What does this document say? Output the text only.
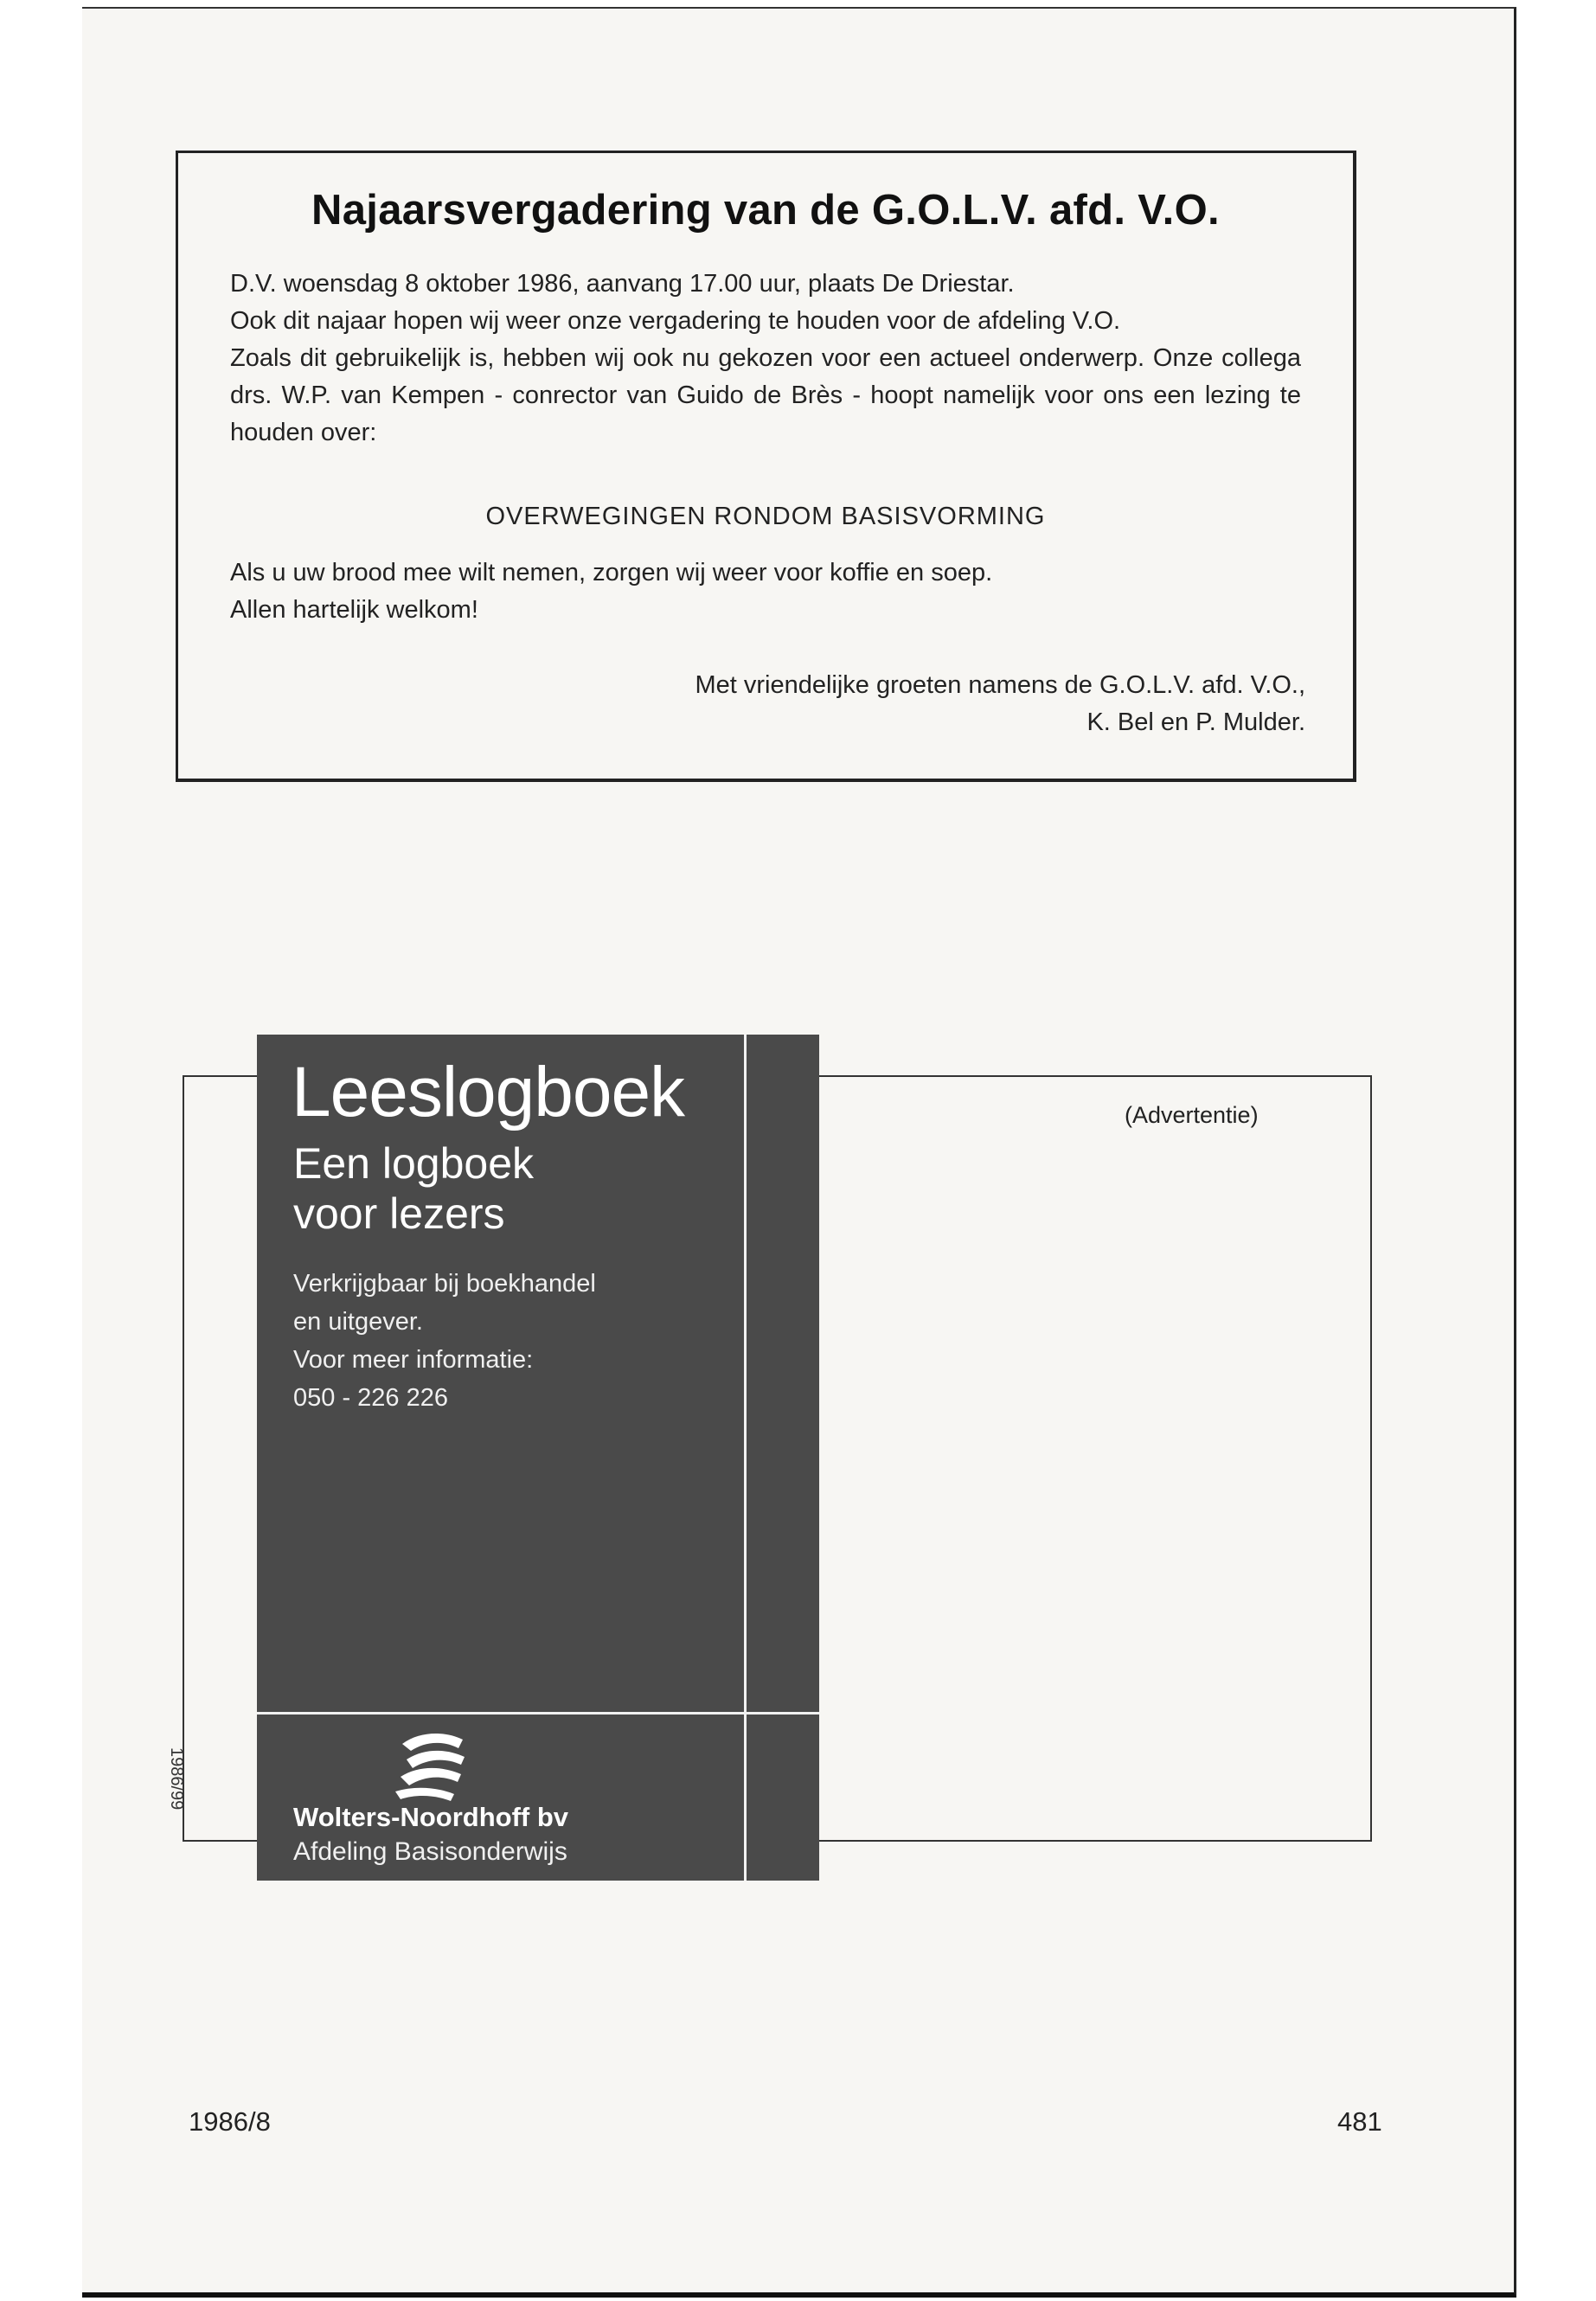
Najaarsvergadering van de G.O.L.V. afd. V.O.

D.V. woensdag 8 oktober 1986, aanvang 17.00 uur, plaats De Driestar.

Ook dit najaar hopen wij weer onze vergadering te houden voor de afdeling V.O.

Zoals dit gebruikelijk is, hebben wij ook nu gekozen voor een actueel onderwerp. Onze collega drs. W.P. van Kempen - conrector van Guido de Brès - hoopt namelijk voor ons een lezing te houden over:

OVERWEGINGEN RONDOM BASISVORMING

Als u uw brood mee wilt nemen, zorgen wij weer voor koffie en soep.

Allen hartelijk welkom!

Met vriendelijke groeten namens de G.O.L.V. afd. V.O.,

K. Bel en P. Mulder.

(Advertentie)
1986/99
Leeslogboek

Een logboek

voor lezers

Verkrijgbaar bij boekhandel

en uitgever.

Voor meer informatie:

050 - 226 226

Wolters-Noordhoff bv
Afdeling Basisonderwijs
1986/8	481
